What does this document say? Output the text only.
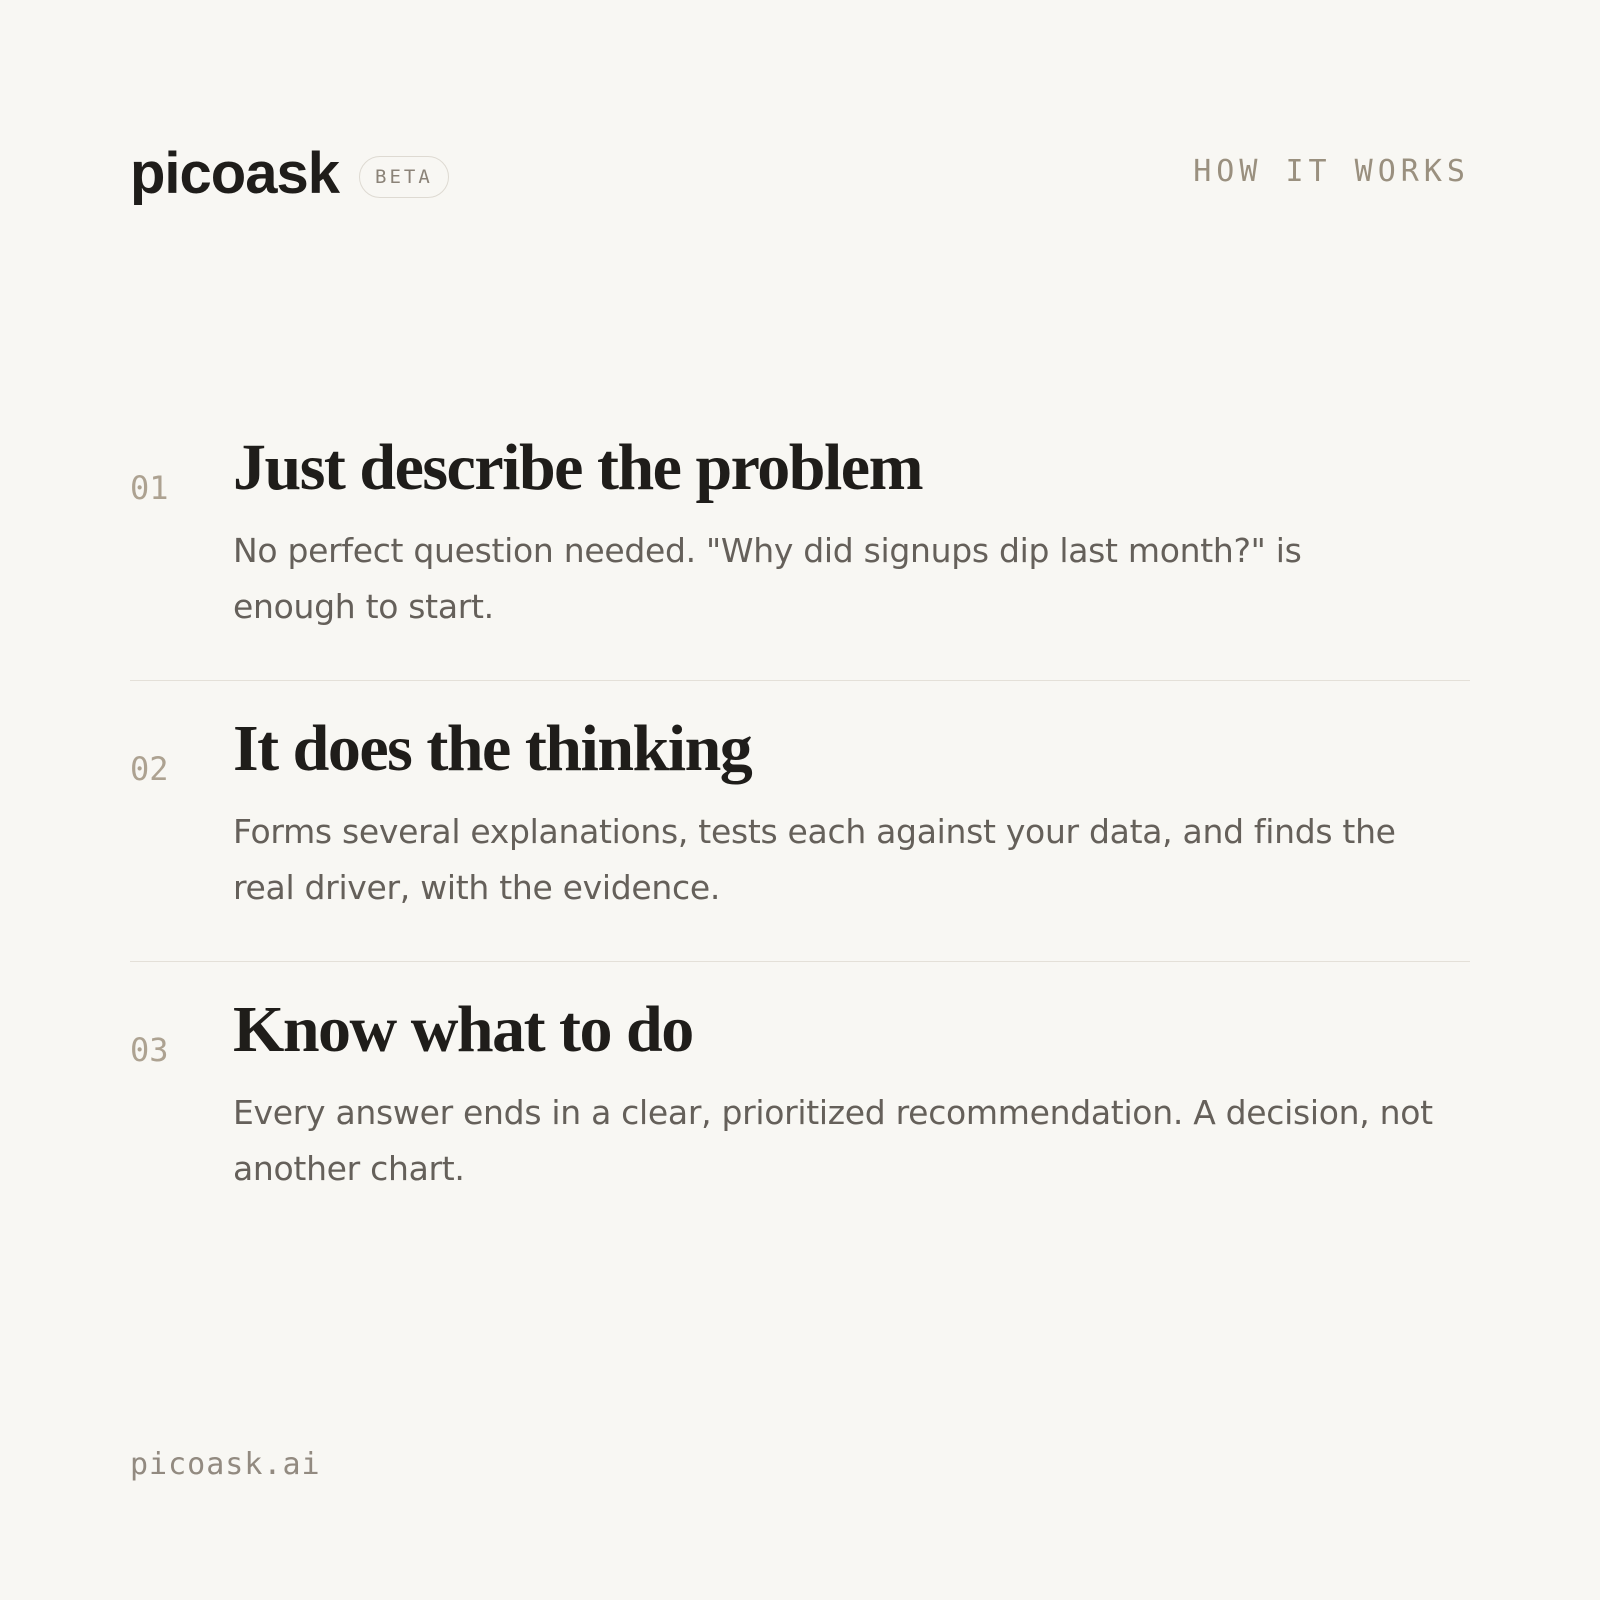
picoask	BETA	HOW IT WORKS
01 Just describe the problem

No perfect question needed. "Why did signups dip last month?" is enough to start.

02 It does the thinking

Forms several explanations, tests each against your data, and finds the real driver, with the evidence.

03 Know what to do

Every answer ends in a clear, prioritized recommendation. A decision, not another chart.

picoask.ai
